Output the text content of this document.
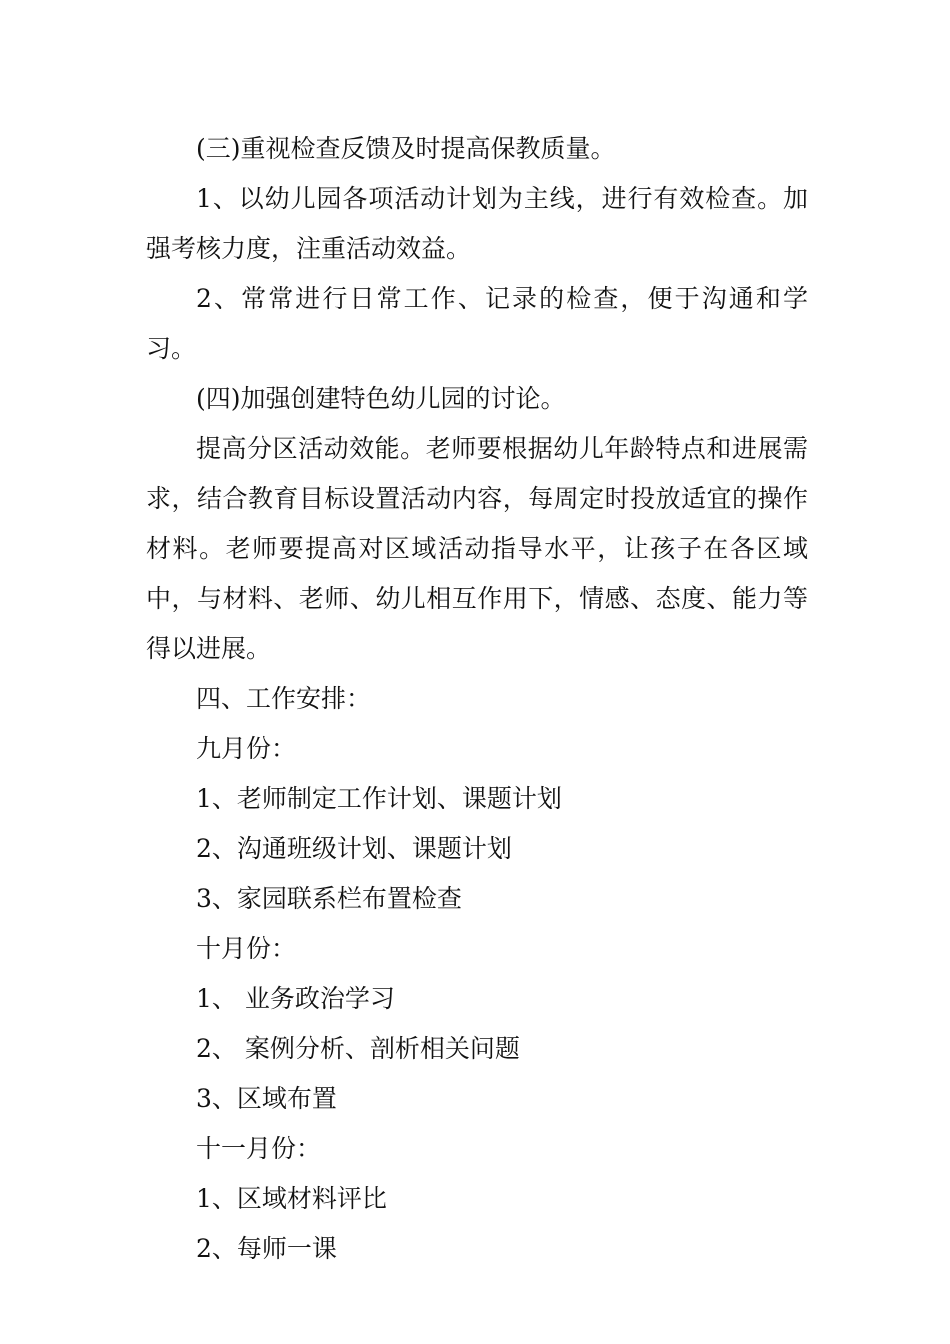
(三)重视检查反馈及时提高保教质量。

1、以幼儿园各项活动计划为主线，进行有效检查。加强考核力度，注重活动效益。

2、常常进行日常工作、记录的检查，便于沟通和学习。

(四)加强创建特色幼儿园的讨论。

提高分区活动效能。老师要根据幼儿年龄特点和进展需求，结合教育目标设置活动内容，每周定时投放适宜的操作材料。老师要提高对区域活动指导水平，让孩子在各区域中，与材料、老师、幼儿相互作用下，情感、态度、能力等得以进展。

四、工作安排：

九月份：

1、老师制定工作计划、课题计划

2、沟通班级计划、课题计划

3、家园联系栏布置检查

十月份：

1、 业务政治学习

2、 案例分析、剖析相关问题

3、区域布置

十一月份：

1、区域材料评比

2、每师一课
